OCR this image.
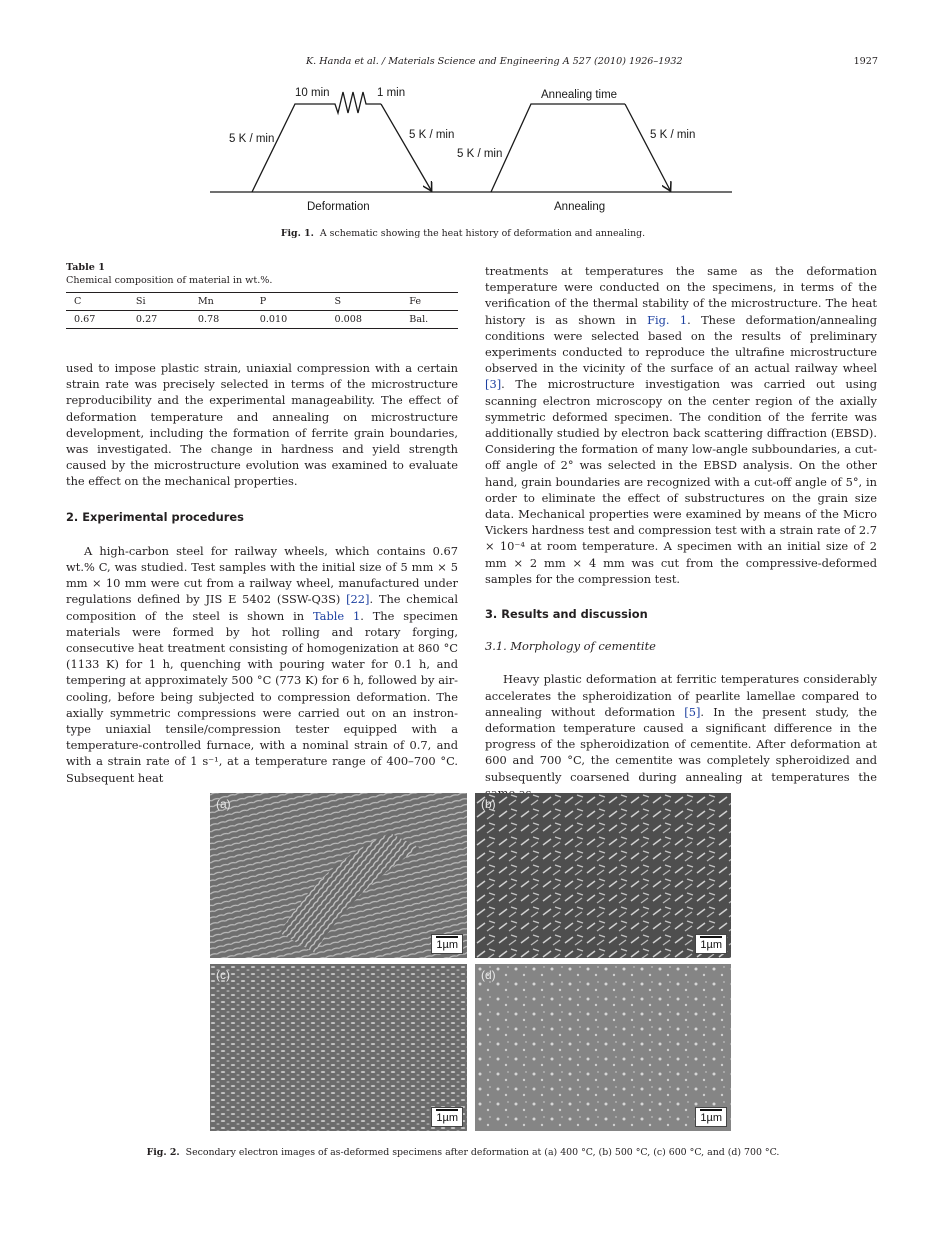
K. Handa et al. / Materials Science and Engineering A 527 (2010) 1926–1932	1927
10 min	1 min
5 K / min	5 K / min
5 K / min
5 K / min
Annealing time
Deformation	Annealing
Fig. 1. A schematic showing the heat history of deformation and annealing.
Table 1
Chemical composition of material in wt.%.
C	Si	Mn	P	S	Fe
0.67	0.27	0.78	0.010	0.008	Bal.

used to impose plastic strain, uniaxial compression with a certain strain rate was precisely selected in terms of the microstructure reproducibility and the experimental manageability. The effect of deformation temperature and annealing on microstructure development, including the formation of ferrite grain boundaries, was investigated. The change in hardness and yield strength caused by the microstructure evolution was examined to evaluate the effect on the mechanical properties.

2. Experimental procedures

A high-carbon steel for railway wheels, which contains 0.67 wt.% C, was studied. Test samples with the initial size of 5 mm × 5 mm × 10 mm were cut from a railway wheel, manufactured under regulations defined by JIS E 5402 (SSW-Q3S) [22]. The chemical composition of the steel is shown in Table 1. The specimen materials were formed by hot rolling and rotary forging, consecutive heat treatment consisting of homogenization at 860 °C (1133 K) for 1 h, quenching with pouring water for 0.1 h, and tempering at approximately 500 °C (773 K) for 6 h, followed by air-cooling, before being subjected to compression deformation. The axially symmetric compressions were carried out on an instron-type uniaxial tensile/compression tester equipped with a temperature-controlled furnace, with a nominal strain of 0.7, and with a strain rate of 1 s⁻¹, at a temperature range of 400–700 °C. Subsequent heat

treatments at temperatures the same as the deformation temperature were conducted on the specimens, in terms of the verification of the thermal stability of the microstructure. The heat history is as shown in Fig. 1. These deformation/annealing conditions were selected based on the results of preliminary experiments conducted to reproduce the ultrafine microstructure observed in the vicinity of the surface of an actual railway wheel [3]. The microstructure investigation was carried out using scanning electron microscopy on the center region of the axially symmetric deformed specimen. The condition of the ferrite was additionally studied by electron back scattering diffraction (EBSD). Considering the formation of many low-angle subboundaries, a cut-off angle of 2° was selected in the EBSD analysis. On the other hand, grain boundaries are recognized with a cut-off angle of 5°, in order to eliminate the effect of substructures on the grain size data. Mechanical properties were examined by means of the Micro Vickers hardness test and compression test with a strain rate of 2.7 × 10⁻⁴ at room temperature. A specimen with an initial size of 2 mm × 2 mm × 4 mm was cut from the compressive-deformed samples for the compression test.

3. Results and discussion
3.1. Morphology of cementite

Heavy plastic deformation at ferritic temperatures considerably accelerates the spheroidization of pearlite lamellae compared to annealing without deformation [5]. In the present study, the deformation temperature caused a significant difference in the progress of the spheroidization of cementite. After deformation at 600 and 700 °C, the cementite was completely spheroidized and subsequently coarsened during annealing at temperatures the

(a)
1µm
(b)
1µm
(c)
1µm
(d)
1µm
Fig. 2. Secondary electron images of as-deformed specimens after deformation at (a) 400 °C, (b) 500 °C, (c) 600 °C, and (d) 700 °C.
